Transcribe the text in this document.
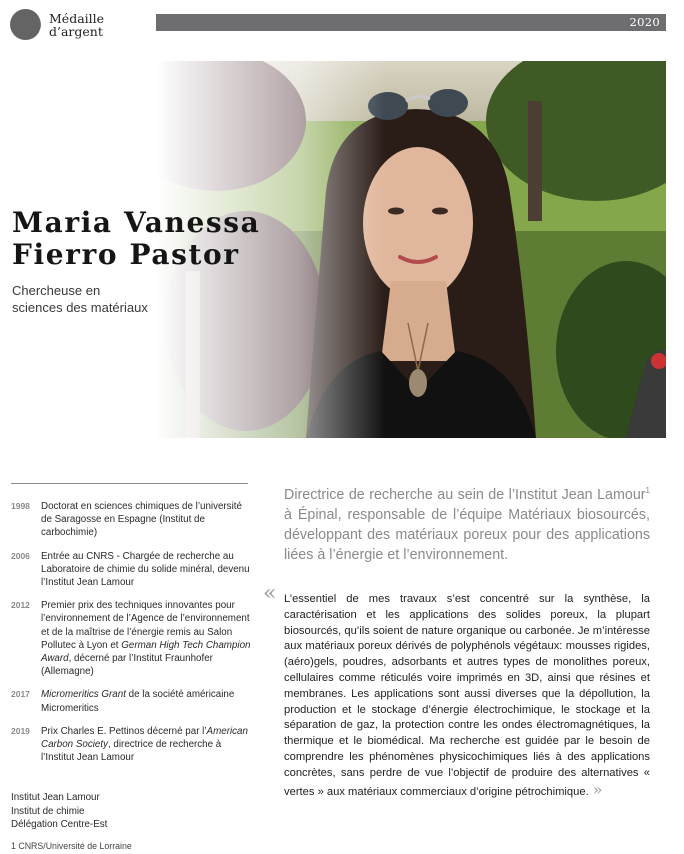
Médaille
d’argent
2020
Maria Vanessa
Fierro Pastor
Chercheuse en
sciences des matériaux
1998	Doctorat en sciences chimiques de l’université de Saragosse en Espagne (Institut de carbochimie)
2006	Entrée au CNRS - Chargée de recherche au Laboratoire de chimie du solide minéral, devenu l’Institut Jean Lamour
2012	Premier prix des techniques innovantes pour l’environnement de l’Agence de l’environnement et de la maîtrise de l’énergie remis au Salon Pollutec à Lyon et German High Tech Champion Award, décerné par l’Institut Fraunhofer (Allemagne)
2017	Micromeritics Grant de la société américaine Micromeritics
2019	Prix Charles E. Pettinos décerné par l’American Carbon Society, directrice de recherche à l’Institut Jean Lamour
Institut Jean Lamour
Institut de chimie
Délégation Centre-Est
1 CNRS/Université de Lorraine
Directrice de recherche au sein de l’Institut Jean Lamour$^1$ à Épinal, responsable de l’équipe Matériaux biosourcés, développant des matériaux poreux pour des applications liées à l’énergie et l’environnement.
« L’essentiel de mes travaux s’est concentré sur la synthèse, la caractérisation et les applications des solides poreux, la plupart biosourcés, qu’ils soient de nature organique ou carbonée. Je m’intéresse aux matériaux poreux dérivés de polyphénols végétaux: mousses rigides, (aéro)gels, poudres, adsorbants et autres types de monolithes poreux, cellulaires comme réticulés voire imprimés en 3D, ainsi que résines et membranes. Les applications sont aussi diverses que la dépollution, la production et le stockage d’énergie électrochimique, le stockage et la séparation de gaz, la protection contre les ondes électromagnétiques, la thermique et le biomédical. Ma recherche est guidée par le besoin de comprendre les phénomènes physicochimiques liés à des applications concrètes, sans perdre de vue l’objectif de produire des alternatives « vertes » aux matériaux commerciaux d’origine pétrochimique. »
